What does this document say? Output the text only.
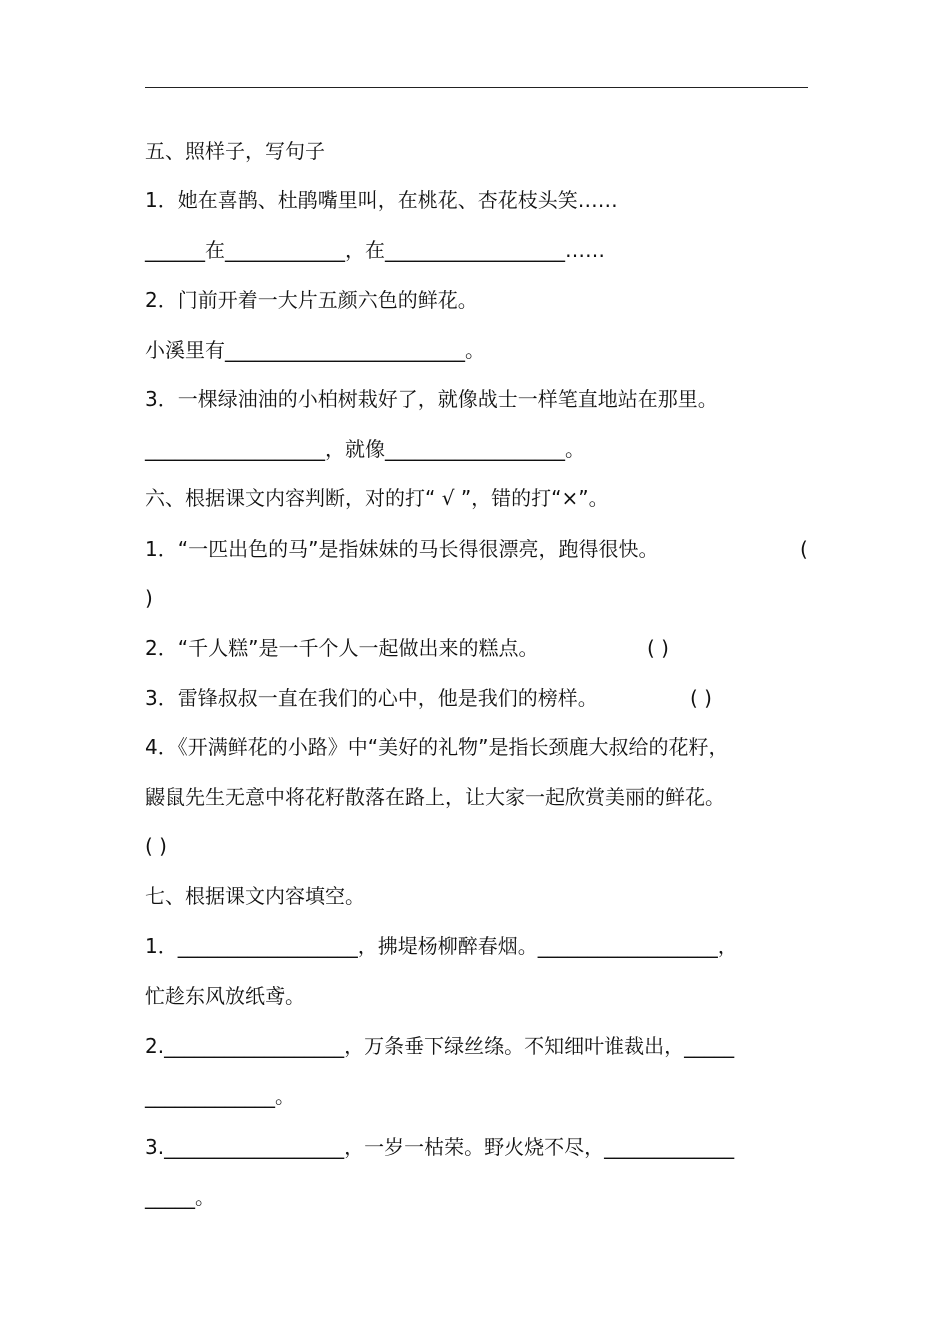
五、照样子，写句子
1．她在喜鹊、杜鹃嘴里叫，在桃花、杏花枝头笑……
______在____________，在__________________……
2．门前开着一大片五颜六色的鲜花。
小溪里有________________________。
3．一棵绿油油的小柏树栽好了，就像战士一样笔直地站在那里。
__________________，就像__________________。
六、根据课文内容判断，对的打“ √ ”，错的打“×”。
1．“一匹出色的马”是指妹妹的马长得很漂亮，跑得很快。	(
)
2．“千人糕”是一千个人一起做出来的糕点。	( )
3．雷锋叔叔一直在我们的心中，他是我们的榜样。	( )
4．《开满鲜花的小路》中“美好的礼物”是指长颈鹿大叔给的花籽，
鼹鼠先生无意中将花籽散落在路上，让大家一起欣赏美丽的鲜花。
( )
七、根据课文内容填空。
1．__________________，拂堤杨柳醉春烟。__________________，
忙趁东风放纸鸢。
2.__________________，万条垂下绿丝绦。不知细叶谁裁出，_____
_____________。
3.__________________，一岁一枯荣。野火烧不尽，_____________
_____。
